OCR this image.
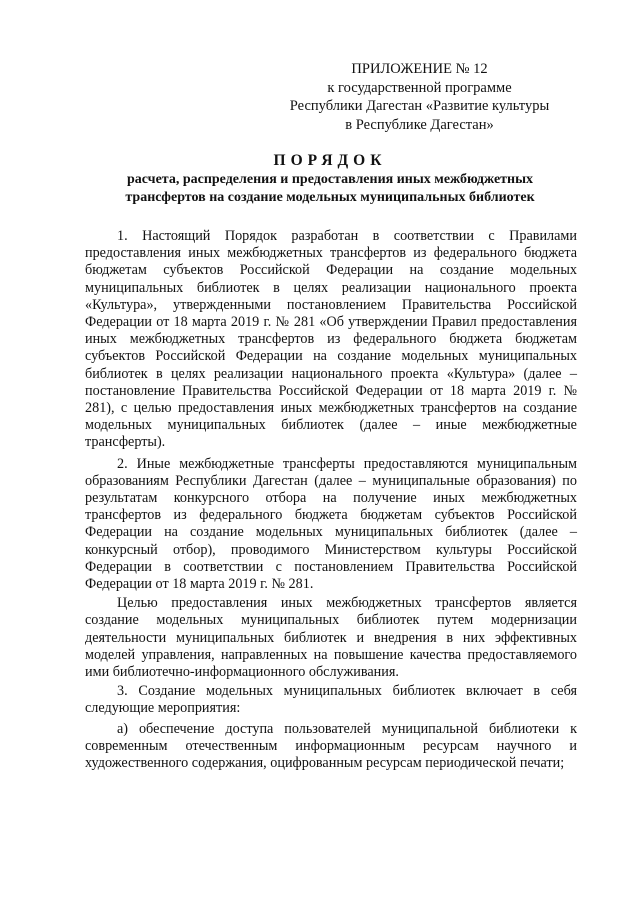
ПРИЛОЖЕНИЕ № 12
к государственной программе
Республики Дагестан «Развитие культуры
в Республике Дагестан»
ПОРЯДОК
расчета, распределения и предоставления иных межбюджетных
трансфертов на создание модельных муниципальных библиотек

1. Настоящий Порядок разработан в соответствии с Правилами предоставления иных межбюджетных трансфертов из федерального бюджета бюджетам субъектов Российской Федерации на создание модельных муниципальных библиотек в целях реализации национального проекта «Культура», утвержденными постановлением Правительства Российской Федерации от 18 марта 2019 г. № 281 «Об утверждении Правил предоставления иных межбюджетных трансфертов из федерального бюджета бюджетам субъектов Российской Федерации на создание модельных муниципальных библиотек в целях реализации национального проекта «Культура» (далее – постановление Правительства Российской Федерации от 18 марта 2019 г. № 281), с целью предоставления иных межбюджетных трансфертов на создание модельных муниципальных библиотек (далее – иные межбюджетные трансферты).

2. Иные межбюджетные трансферты предоставляются муниципальным образованиям Республики Дагестан (далее – муниципальные образования) по результатам конкурсного отбора на получение иных межбюджетных трансфертов из федерального бюджета бюджетам субъектов Российской Федерации на создание модельных муниципальных библиотек (далее – конкурсный отбор), проводимого Министерством культуры Российской Федерации в соответствии с постановлением Правительства Российской Федерации от 18 марта 2019 г. № 281.

Целью предоставления иных межбюджетных трансфертов является создание модельных муниципальных библиотек путем модернизации деятельности муниципальных библиотек и внедрения в них эффективных моделей управления, направленных на повышение качества предоставляемого ими библиотечно-информационного обслуживания.

3. Создание модельных муниципальных библиотек включает в себя следующие мероприятия:

а) обеспечение доступа пользователей муниципальной библиотеки к современным отечественным информационным ресурсам научного и художественного содержания, оцифрованным ресурсам периодической печати;
